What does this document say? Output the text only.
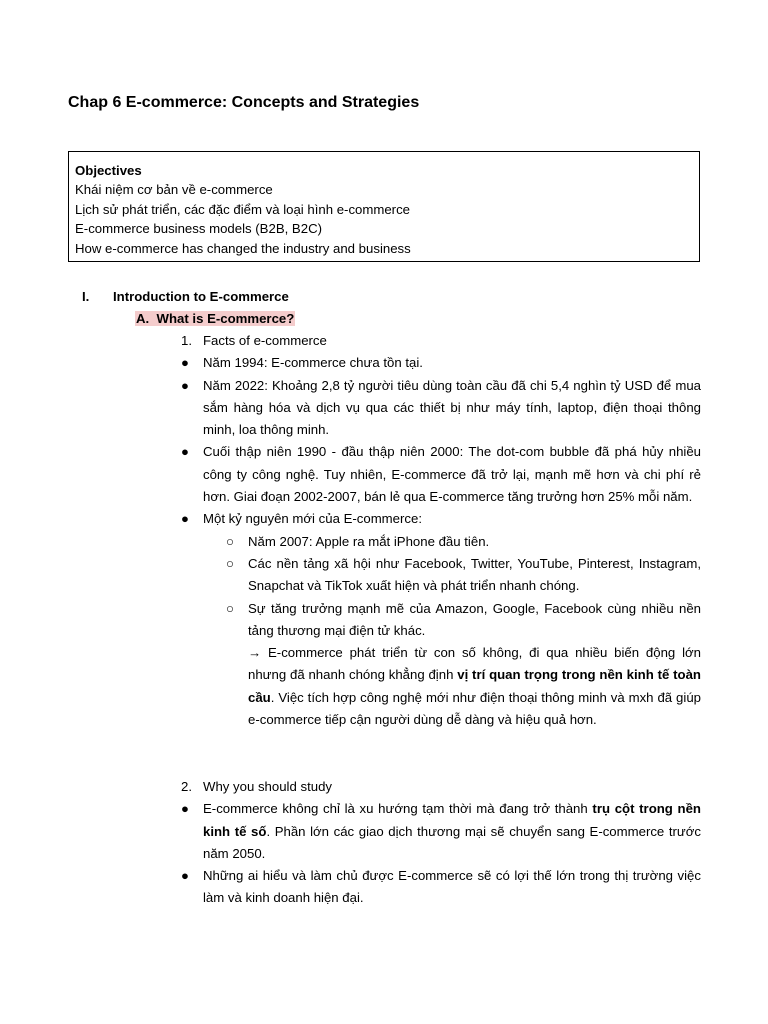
Chap 6 E-commerce: Concepts and Strategies
Objectives
Khái niệm cơ bản về e-commerce
Lịch sử phát triển, các đặc điểm và loại hình e-commerce
E-commerce business models (B2B, B2C)
How e-commerce has changed the industry and business
I. Introduction to E-commerce
A. What is E-commerce?
1. Facts of e-commerce
● Năm 1994: E-commerce chưa tồn tại.
● Năm 2022: Khoảng 2,8 tỷ người tiêu dùng toàn cầu đã chi 5,4 nghìn tỷ USD để mua sắm hàng hóa và dịch vụ qua các thiết bị như máy tính, laptop, điện thoại thông minh, loa thông minh.
● Cuối thập niên 1990 - đầu thập niên 2000: The dot-com bubble đã phá hủy nhiều công ty công nghệ. Tuy nhiên, E-commerce đã trở lại, mạnh mẽ hơn và chi phí rẻ hơn. Giai đoạn 2002-2007, bán lẻ qua E-commerce tăng trưởng hơn 25% mỗi năm.
● Một kỷ nguyên mới của E-commerce:
○ Năm 2007: Apple ra mắt iPhone đầu tiên.
○ Các nền tảng xã hội như Facebook, Twitter, YouTube, Pinterest, Instagram, Snapchat và TikTok xuất hiện và phát triển nhanh chóng.
○ Sự tăng trưởng mạnh mẽ của Amazon, Google, Facebook cùng nhiều nền tảng thương mại điện tử khác.
→ E-commerce phát triển từ con số không, đi qua nhiều biến động lớn nhưng đã nhanh chóng khẳng định vị trí quan trọng trong nền kinh tế toàn cầu. Việc tích hợp công nghệ mới như điện thoại thông minh và mxh đã giúp e-commerce tiếp cận người dùng dễ dàng và hiệu quả hơn.
2. Why you should study
● E-commerce không chỉ là xu hướng tạm thời mà đang trở thành trụ cột trong nền kinh tế số. Phần lớn các giao dịch thương mại sẽ chuyển sang E-commerce trước năm 2050.
● Những ai hiểu và làm chủ được E-commerce sẽ có lợi thế lớn trong thị trường việc làm và kinh doanh hiện đại.
